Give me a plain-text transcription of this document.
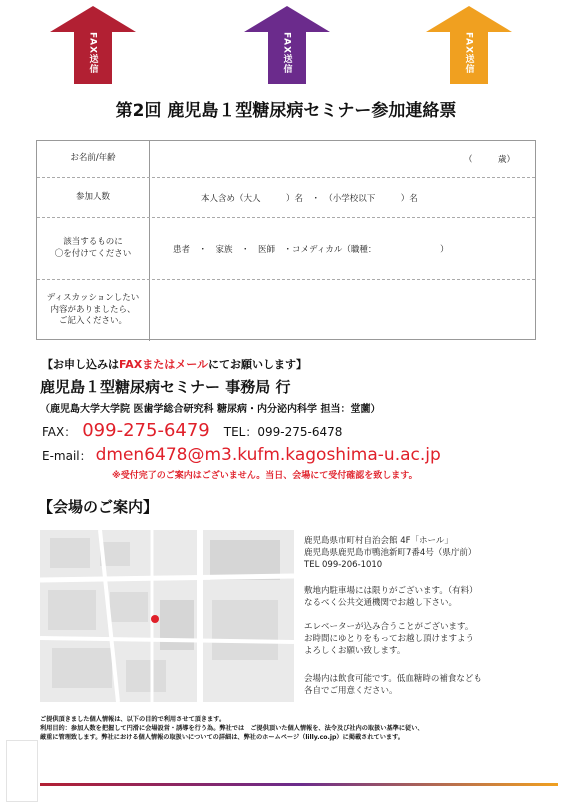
FAX送信	FAX送信	FAX送信
第2回 鹿児島１型糖尿病セミナー参加連絡票
お名前/年齢	（　　　歳）
参加人数	本人含め（大人　　　）名　・　（小学校以下　　　）名
該当するものに
〇を付けてください	患者　・　家族　・　医師　・コメディカル（職種：　　　　　　　　）
ディスカッションしたい
内容がありましたら、
ご記入ください。
【お申し込みはFAXまたはメールにてお願いします】
鹿児島１型糖尿病セミナー 事務局 行
（鹿児島大学大学院 医歯学総合研究科 糖尿病・内分泌内科学 担当：堂薗）
FAX： 099-275-6479 TEL：099-275-6478
E-mail： dmen6478@m3.kufm.kagoshima-u.ac.jp
※受付完了のご案内はございません。当日、会場にて受付確認を致します。
【会場のご案内】
鹿児島県市町村自治会館 4F「ホール」
鹿児島県鹿児島市鴨池新町7番4号（県庁前）
TEL 099-206-1010
敷地内駐車場には限りがございます。（有料）
なるべく公共交通機関でお越し下さい。
エレベーターが込み合うことがございます。
お時間にゆとりをもってお越し頂けますよう
よろしくお願い致します。
会場内は飲食可能です。低血糖時の補食なども
各自でご用意ください。
ご提供頂きました個人情報は、以下の目的で利用させて頂きます。
利用目的：参加人数を把握して円滑に会場設営・誘導を行う為。弊社では　ご提供頂いた個人情報を、法令及び社内の取扱い基準に従い、
厳重に管理致します。弊社における個人情報の取扱いについての詳細は、弊社のホームページ（lilly.co.jp）に掲載されています。
